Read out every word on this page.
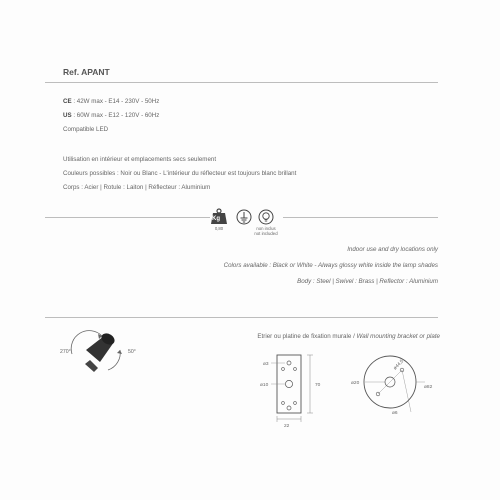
Ref. APANT
CE : 42W max - E14 - 230V - 50Hz
US : 60W max - E12 - 120V - 60Hz
Compatible LED
Utilisation en intérieur et emplacements secs seulement
Couleurs possibles : Noir ou Blanc - L'intérieur du réflecteur est toujours blanc brillant
Corps : Acier | Rotule : Laiton | Réflecteur : Aluminium
Kg
0,80	non inclus
not included
Indoor use and dry locations only
Colors available : Black or White - Always glossy white inside the lamp shades
Body : Steel | Swivel : Brass | Reflector : Aluminium
270°	50°
Etrier ou platine de fixation murale / Wall mounting bracket or plate
ø3
ø10	70
22
ø20
ø44,5
ø82
ø6
